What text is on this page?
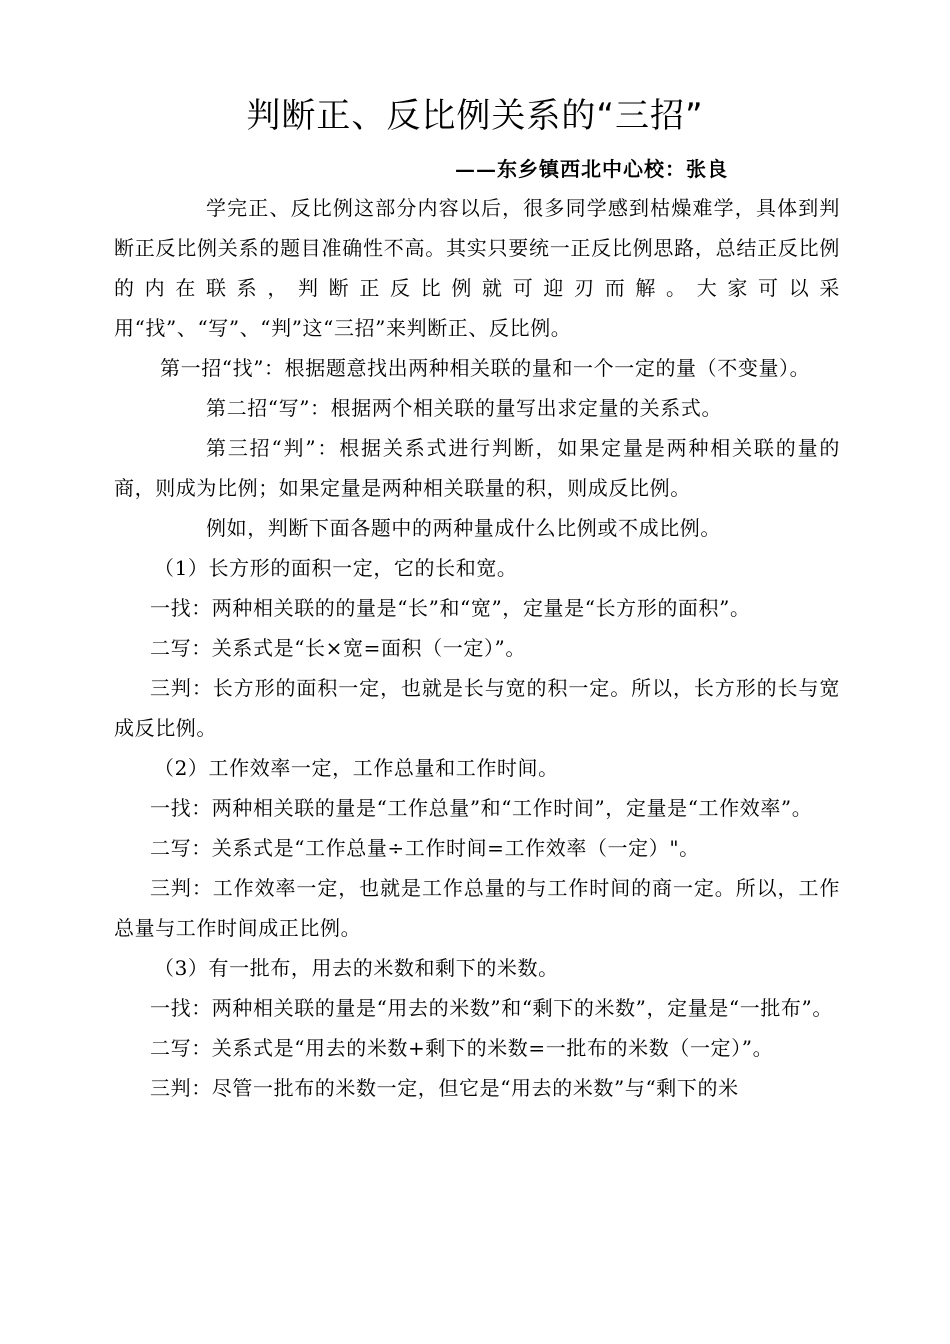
判断正、反比例关系的“三招”
——东乡镇西北中心校：张良

学完正、反比例这部分内容以后，很多同学感到枯燥难学，具体到判断正反比例关系的题目准确性不高。其实只要统一正反比例思路，总结正反比例的内在联系，判断正反比例就可迎刃而解。大家可以采用“找”、“写”、“判”这“三招”来判断正、反比例。

第一招“找”：根据题意找出两种相关联的量和一个一定的量（不变量）。

第二招“写”：根据两个相关联的量写出求定量的关系式。

第三招“判”：根据关系式进行判断，如果定量是两种相关联的量的商，则成为比例；如果定量是两种相关联量的积，则成反比例。

例如，判断下面各题中的两种量成什么比例或不成比例。

（1）长方形的面积一定，它的长和宽。

一找：两种相关联的的量是“长”和“宽”，定量是“长方形的面积”。

二写：关系式是“长×宽=面积（一定）”。

三判：长方形的面积一定，也就是长与宽的积一定。所以，长方形的长与宽成反比例。

（2）工作效率一定，工作总量和工作时间。

一找：两种相关联的量是“工作总量”和“工作时间”，定量是“工作效率”。

二写：关系式是“工作总量÷工作时间=工作效率（一定）"。

三判：工作效率一定，也就是工作总量的与工作时间的商一定。所以，工作总量与工作时间成正比例。

（3）有一批布，用去的米数和剩下的米数。

一找：两种相关联的量是“用去的米数”和“剩下的米数”，定量是“一批布”。

二写：关系式是“用去的米数+剩下的米数=一批布的米数（一定）”。

三判：尽管一批布的米数一定，但它是“用去的米数”与“剩下的米
